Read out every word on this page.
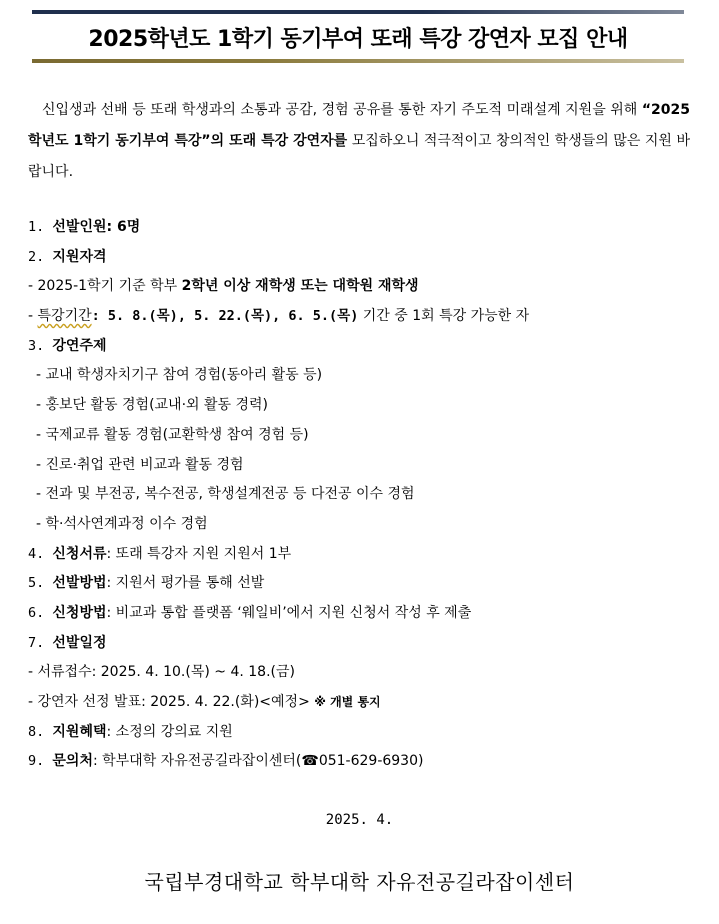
2025학년도 1학기 동기부여 또래 특강 강연자 모집 안내
신입생과 선배 등 또래 학생과의 소통과 공감, 경험 공유를 통한 자기 주도적 미래설계 지원을 위해 “2025학년도 1학기 동기부여 특강”의 또래 특강 강연자를 모집하오니 적극적이고 창의적인 학생들의 많은 지원 바랍니다.
1. 선발인원: 6명
2. 지원자격
- 2025-1학기 기준 학부 2학년 이상 재학생 또는 대학원 재학생
- 특강기간: 5. 8.(목), 5. 22.(목), 6. 5.(목) 기간 중 1회 특강 가능한 자
3. 강연주제
- 교내 학생자치기구 참여 경험(동아리 활동 등)
- 홍보단 활동 경험(교내·외 활동 경력)
- 국제교류 활동 경험(교환학생 참여 경험 등)
- 진로·취업 관련 비교과 활동 경험
- 전과 및 부전공, 복수전공, 학생설계전공 등 다전공 이수 경험
- 학·석사연계과정 이수 경험
4. 신청서류: 또래 특강자 지원 지원서 1부
5. 선발방법: 지원서 평가를 통해 선발
6. 신청방법: 비교과 통합 플랫폼 ‘웨일비’에서 지원 신청서 작성 후 제출
7. 선발일정
- 서류접수: 2025. 4. 10.(목) ~ 4. 18.(금)
- 강연자 선정 발표: 2025. 4. 22.(화)<예정> ※ 개별 통지
8. 지원혜택: 소정의 강의료 지원
9. 문의처: 학부대학 자유전공길라잡이센터(☎051-629-6930)
2025. 4.
국립부경대학교 학부대학 자유전공길라잡이센터
